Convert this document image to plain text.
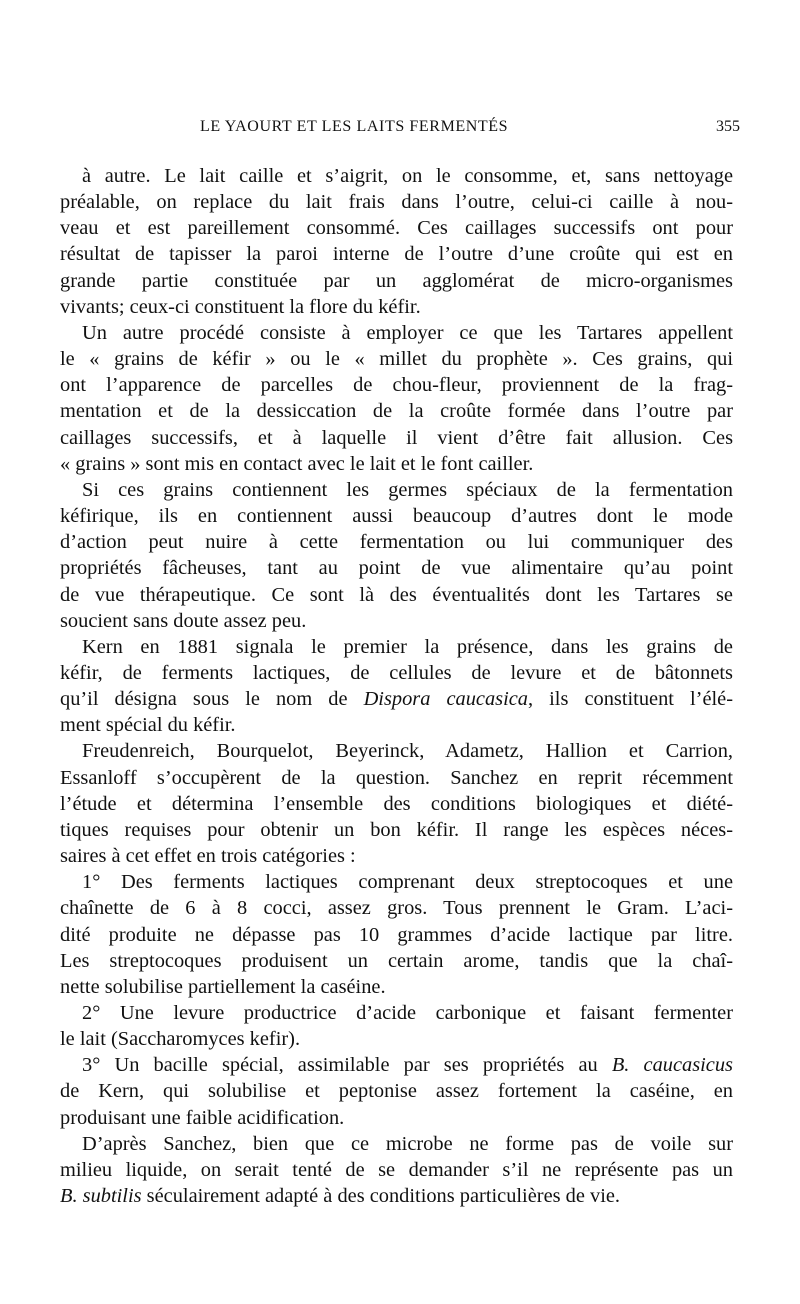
LE YAOURT ET LES LAITS FERMENTÉS	355

à autre. Le lait caille et s’aigrit, on le consomme, et, sans nettoyage
préalable, on replace du lait frais dans l’outre, celui-ci caille à nou-
veau et est pareillement consommé. Ces caillages successifs ont pour
résultat de tapisser la paroi interne de l’outre d’une croûte qui est en
grande partie constituée par un agglomérat de micro-organismes
vivants; ceux-ci constituent la flore du kéfir.

Un autre procédé consiste à employer ce que les Tartares appellent
le « grains de kéfir » ou le « millet du prophète ». Ces grains, qui
ont l’apparence de parcelles de chou-fleur, proviennent de la frag-
mentation et de la dessiccation de la croûte formée dans l’outre par
caillages successifs, et à laquelle il vient d’être fait allusion. Ces
« grains » sont mis en contact avec le lait et le font cailler.

Si ces grains contiennent les germes spéciaux de la fermentation
kéfirique, ils en contiennent aussi beaucoup d’autres dont le mode
d’action peut nuire à cette fermentation ou lui communiquer des
propriétés fâcheuses, tant au point de vue alimentaire qu’au point
de vue thérapeutique. Ce sont là des éventualités dont les Tartares se
soucient sans doute assez peu.

Kern en 1881 signala le premier la présence, dans les grains de
kéfir, de ferments lactiques, de cellules de levure et de bâtonnets
qu’il désigna sous le nom de Dispora caucasica, ils constituent l’élé-
ment spécial du kéfir.

Freudenreich, Bourquelot, Beyerinck, Adametz, Hallion et Carrion,
Essanloff s’occupèrent de la question. Sanchez en reprit récemment
l’étude et détermina l’ensemble des conditions biologiques et diété-
tiques requises pour obtenir un bon kéfir. Il range les espèces néces-
saires à cet effet en trois catégories :

1° Des ferments lactiques comprenant deux streptocoques et une
chaînette de 6 à 8 cocci, assez gros. Tous prennent le Gram. L’aci-
dité produite ne dépasse pas 10 grammes d’acide lactique par litre.
Les streptocoques produisent un certain arome, tandis que la chaî-
nette solubilise partiellement la caséine.

2° Une levure productrice d’acide carbonique et faisant fermenter
le lait (Saccharomyces kefir).

3° Un bacille spécial, assimilable par ses propriétés au B. caucasicus
de Kern, qui solubilise et peptonise assez fortement la caséine, en
produisant une faible acidification.

D’après Sanchez, bien que ce microbe ne forme pas de voile sur
milieu liquide, on serait tenté de se demander s’il ne représente pas un
B. subtilis séculairement adapté à des conditions particulières de vie.
